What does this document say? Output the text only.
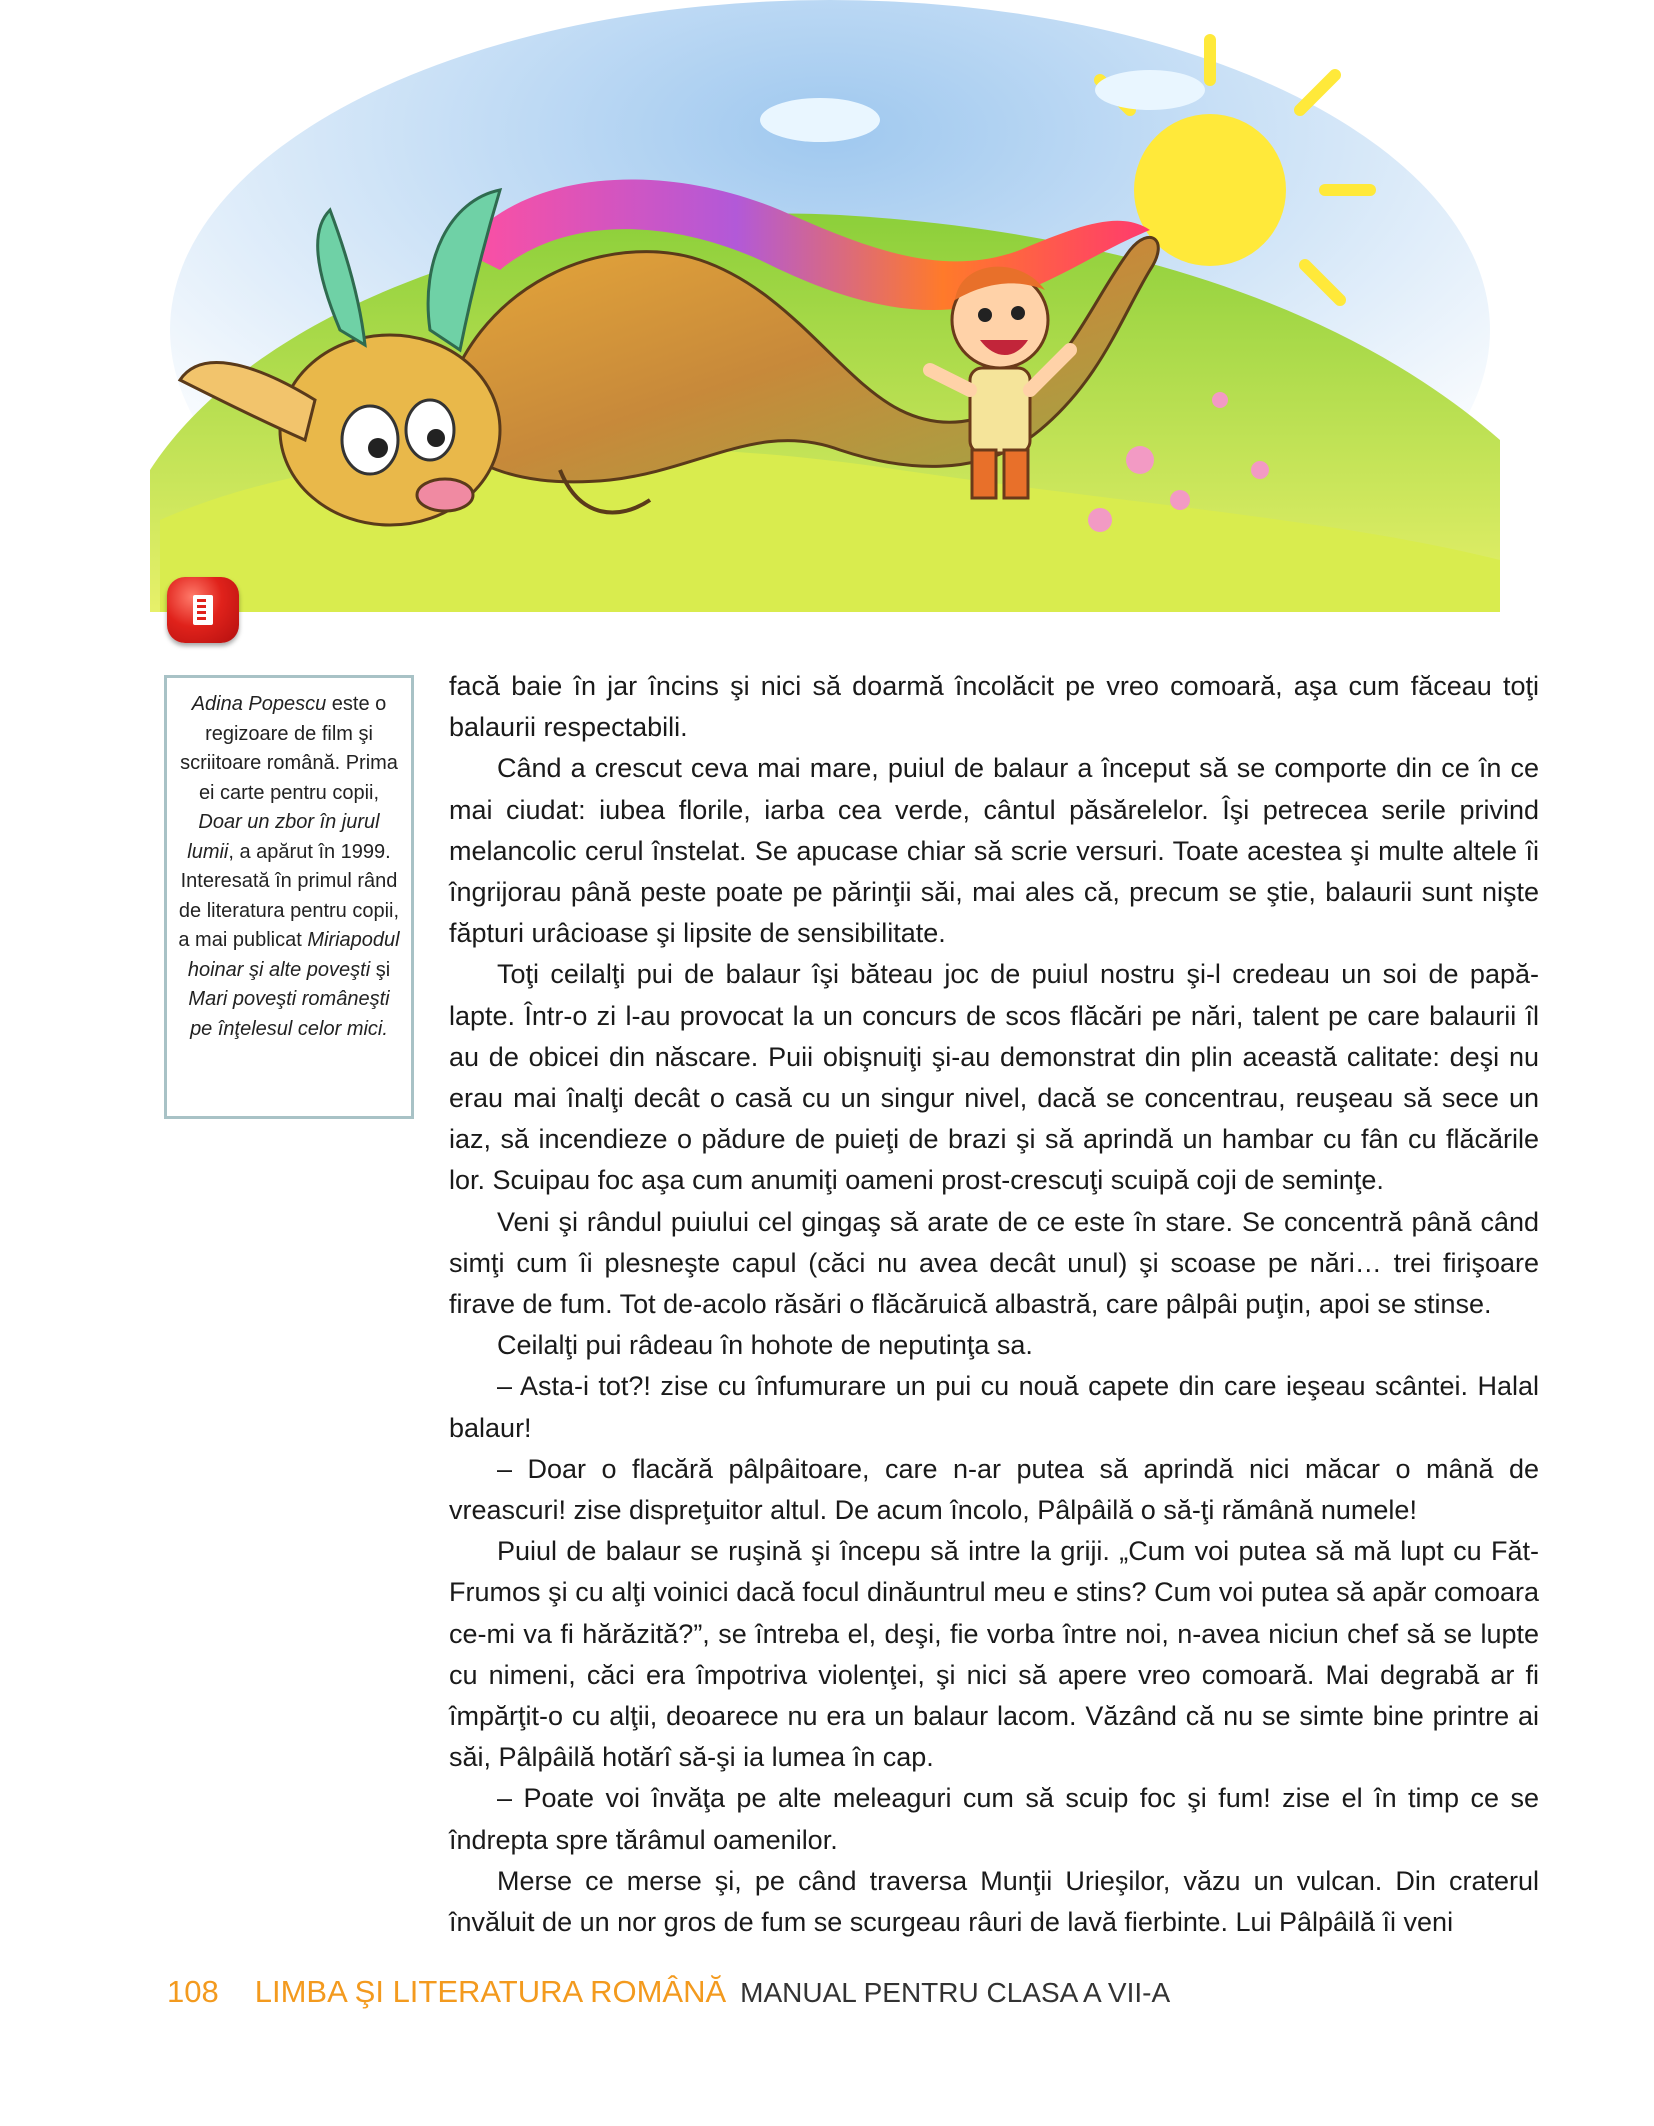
Adina Popescu este o regizoare de film şi scriitoare română. Prima ei carte pentru copii, Doar un zbor în jurul lumii, a apărut în 1999. Interesată în primul rând de literatura pentru copii, a mai publicat Miriapodul hoinar şi alte poveşti şi Mari poveşti româneşti pe înţelesul celor mici.

facă baie în jar încins şi nici să doarmă încolăcit pe vreo comoară, aşa cum făceau toţi balaurii respectabili.

Când a crescut ceva mai mare, puiul de balaur a început să se comporte din ce în ce mai ciudat: iubea florile, iarba cea verde, cântul păsărelelor. Îşi petrecea serile privind melancolic cerul înstelat. Se apucase chiar să scrie versuri. Toate acestea şi multe altele îi îngrijorau până peste poate pe părinţii săi, mai ales că, precum se ştie, balaurii sunt nişte făpturi urâcioase şi lipsite de sensibilitate.

Toţi ceilalţi pui de balaur îşi băteau joc de puiul nostru şi-l credeau un soi de papă-lapte. Într-o zi l-au provocat la un concurs de scos flăcări pe nări, talent pe care balaurii îl au de obicei din născare. Puii obişnuiţi şi-au demonstrat din plin această calitate: deşi nu erau mai înalţi decât o casă cu un singur nivel, dacă se concentrau, reuşeau să sece un iaz, să incendieze o pădure de puieţi de brazi şi să aprindă un hambar cu fân cu flăcările lor. Scuipau foc aşa cum anumiţi oameni prost-crescuţi scuipă coji de seminţe.

Veni şi rândul puiului cel gingaş să arate de ce este în stare. Se concentră până când simţi cum îi plesneşte capul (căci nu avea decât unul) şi scoase pe nări… trei firişoare firave de fum. Tot de-acolo răsări o flăcăruică albastră, care pâlpâi puţin, apoi se stinse.

Ceilalţi pui râdeau în hohote de neputinţa sa.

– Asta-i tot?! zise cu înfumurare un pui cu nouă capete din care ieşeau scântei. Halal balaur!

– Doar o flacără pâlpâitoare, care n-ar putea să aprindă nici măcar o mână de vreascuri! zise dispreţuitor altul. De acum încolo, Pâlpâilă o să-ţi rămână numele!

Puiul de balaur se ruşină şi începu să intre la griji. „Cum voi putea să mă lupt cu Făt-Frumos şi cu alţi voinici dacă focul dinăuntrul meu e stins? Cum voi putea să apăr comoara ce-mi va fi hărăzită?”, se întreba el, deşi, fie vorba între noi, n-avea niciun chef să se lupte cu nimeni, căci era împotriva violenţei, şi nici să apere vreo comoară. Mai degrabă ar fi împărţit-o cu alţii, deoarece nu era un balaur lacom. Văzând că nu se simte bine printre ai săi, Pâlpâilă hotărî să-şi ia lumea în cap.

– Poate voi învăţa pe alte meleaguri cum să scuip foc şi fum! zise el în timp ce se îndrepta spre tărâmul oamenilor.

Merse ce merse şi, pe când traversa Munţii Urieşilor, văzu un vulcan. Din craterul învăluit de un nor gros de fum se scurgeau râuri de lavă fierbinte. Lui Pâlpâilă îi veni

108 LIMBA ŞI LITERATURA ROMÂNĂ MANUAL PENTRU CLASA A VII-A
